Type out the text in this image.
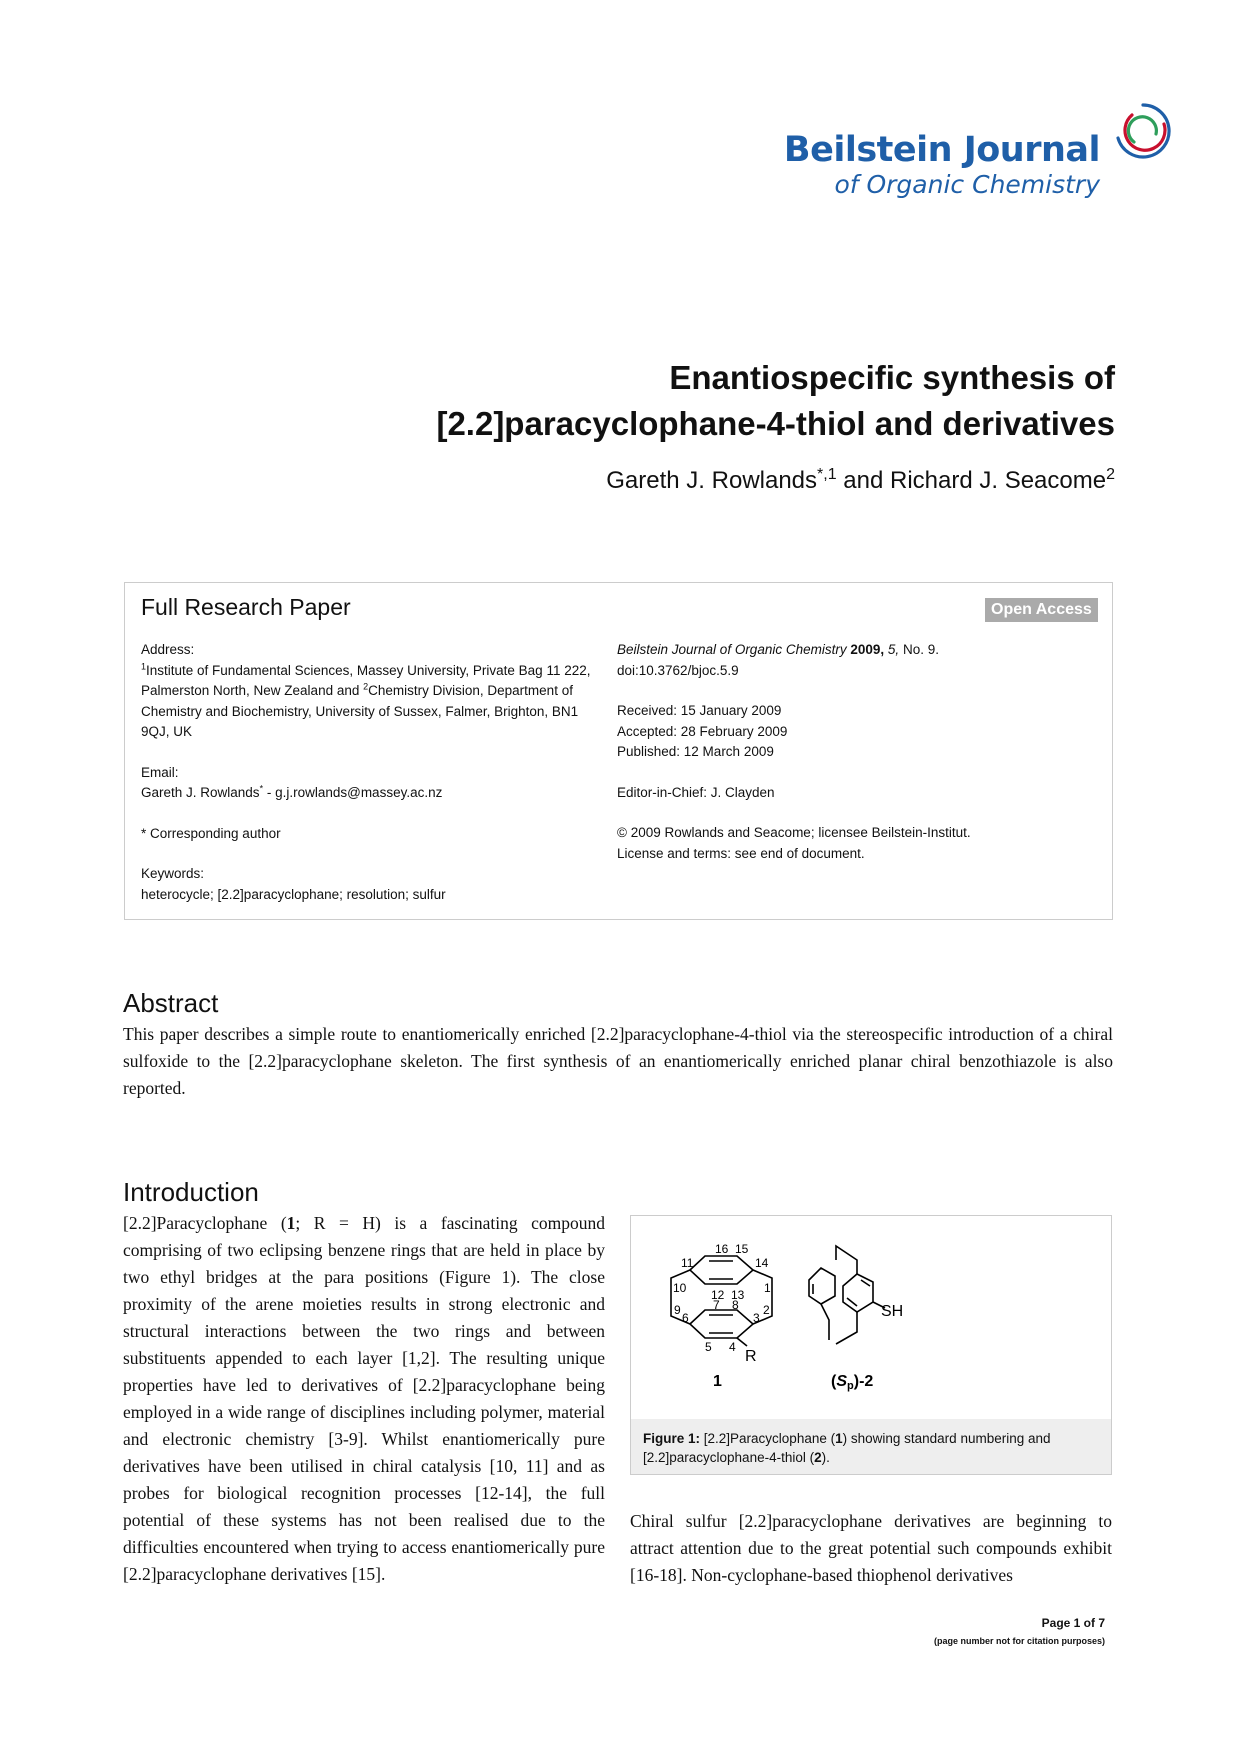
Beilstein Journal
of Organic Chemistry
Enantiospecific synthesis of
[2.2]paracyclophane-4-thiol and derivatives
Gareth J. Rowlands$^{*,1}$ and Richard J. Seacome$^2$
Full Research Paper	Open Access
Address:
$^1$Institute of Fundamental Sciences, Massey University, Private Bag 11 222, Palmerston North, New Zealand and $^2$Chemistry Division, Department of Chemistry and Biochemistry, University of Sussex, Falmer, Brighton, BN1 9QJ, UK
Email:
Gareth J. Rowlands* - g.j.rowlands@massey.ac.nz
* Corresponding author
Keywords:
heterocycle; [2.2]paracyclophane; resolution; sulfur
Beilstein Journal of Organic Chemistry 2009, 5, No. 9.
doi:10.3762/bjoc.5.9
Received: 15 January 2009
Accepted: 28 February 2009
Published: 12 March 2009
Editor-in-Chief: J. Clayden
© 2009 Rowlands and Seacome; licensee Beilstein-Institut.
License and terms: see end of document.
Abstract
This paper describes a simple route to enantiomerically enriched [2.2]paracyclophane-4-thiol via the stereospecific introduction of a chiral sulfoxide to the [2.2]paracyclophane skeleton. The first synthesis of an enantiomerically enriched planar chiral benzothiazole is also reported.
Introduction
[2.2]Paracyclophane (1; R = H) is a fascinating compound comprising of two eclipsing benzene rings that are held in place by two ethyl bridges at the para positions (Figure 1). The close proximity of the arene moieties results in strong electronic and structural interactions between the two rings and between substituents appended to each layer [1,2]. The resulting unique properties have led to derivatives of [2.2]paracyclophane being employed in a wide range of disciplines including polymer, material and electronic chemistry [3-9]. Whilst enantiomerically pure derivatives have been utilised in chiral catalysis [10, 11] and as probes for biological recognition processes [12-14], the full potential of these systems has not been realised due to the difficulties encountered when trying to access enantiomerically pure [2.2]paracyclophane derivatives [15].
16 15
11	14
10	1
12 13
7 8
9	2
6	3
5 4
R
SH
1	(Sp)-2
Figure 1: [2.2]Paracyclophane (1) showing standard numbering and [2.2]paracyclophane-4-thiol (2).
Chiral sulfur [2.2]paracyclophane derivatives are beginning to attract attention due to the great potential such compounds exhibit [16-18]. Non-cyclophane-based thiophenol derivatives
Page 1 of 7
(page number not for citation purposes)
